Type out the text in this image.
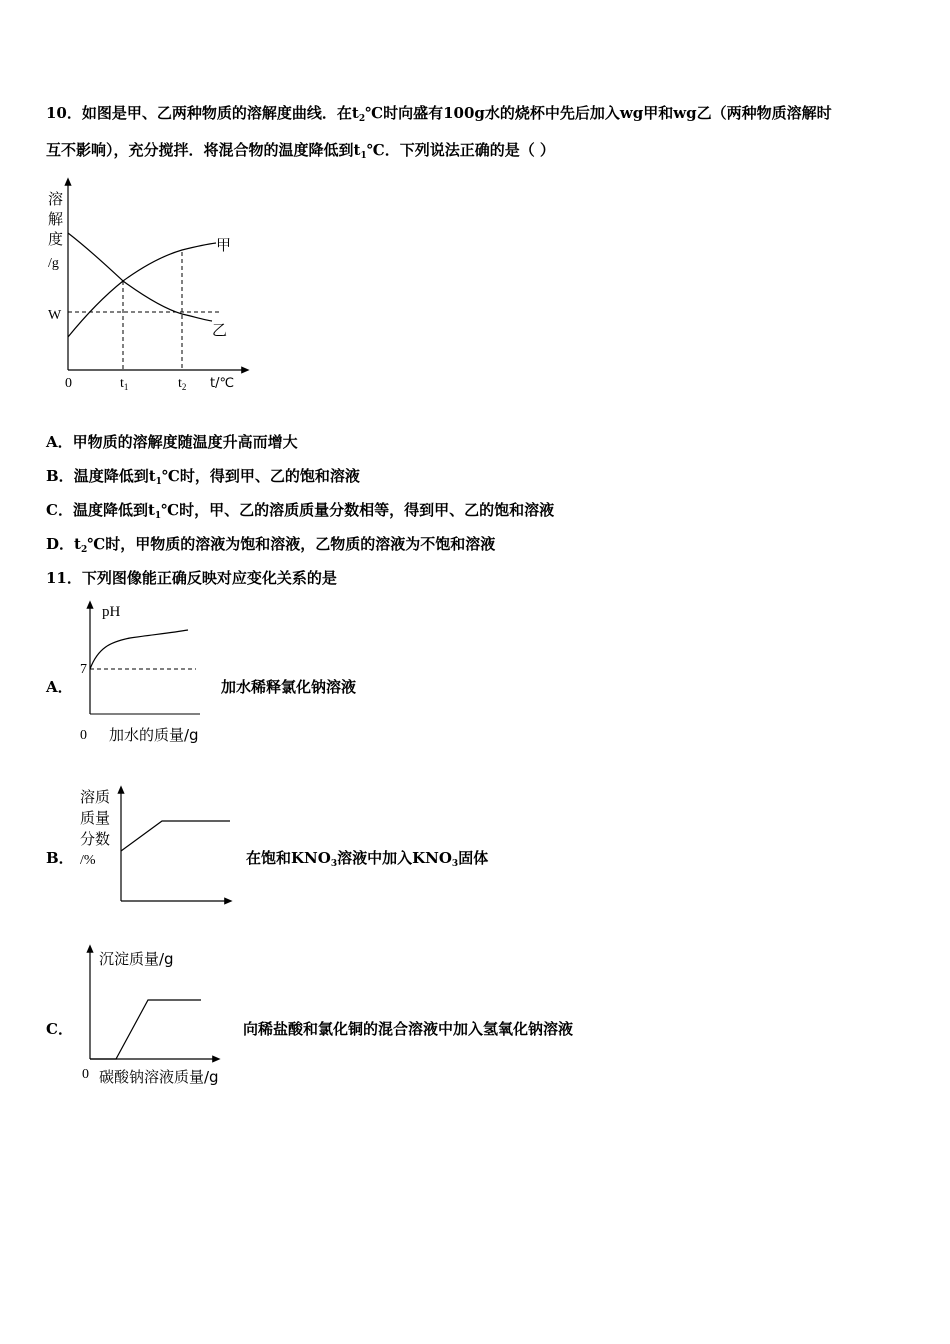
10．如图是甲、乙两种物质的溶解度曲线．在$t_2℃$时向盛有100g水的烧杯中先后加入wg甲和wg乙（两种物质溶解时
互不影响），充分搅拌．将混合物的温度降低到$t_1℃$．下列说法正确的是（ ）
溶
解
度
/g
W
甲
乙
0	$t_1$	$t_2$ t/℃
A．甲物质的溶解度随温度升高而增大
B．温度降低到$t_1℃$时，得到甲、乙的饱和溶液
C．温度降低到$t_1℃$时，甲、乙的溶质质量分数相等，得到甲、乙的饱和溶液
D．$t_2℃$时，甲物质的溶液为饱和溶液，乙物质的溶液为不饱和溶液
11．下列图像能正确反映对应变化关系的是
A．
pH
7
0 加水的质量/g
加水稀释氯化钠溶液
B．
溶质
质量
分数
/%	在饱和$KNO_3$溶液中加入$KNO_3$固体
C．
沉淀质量/g
0 碳酸钠溶液质量/g
向稀盐酸和氯化铜的混合溶液中加入氢氧化钠溶液
